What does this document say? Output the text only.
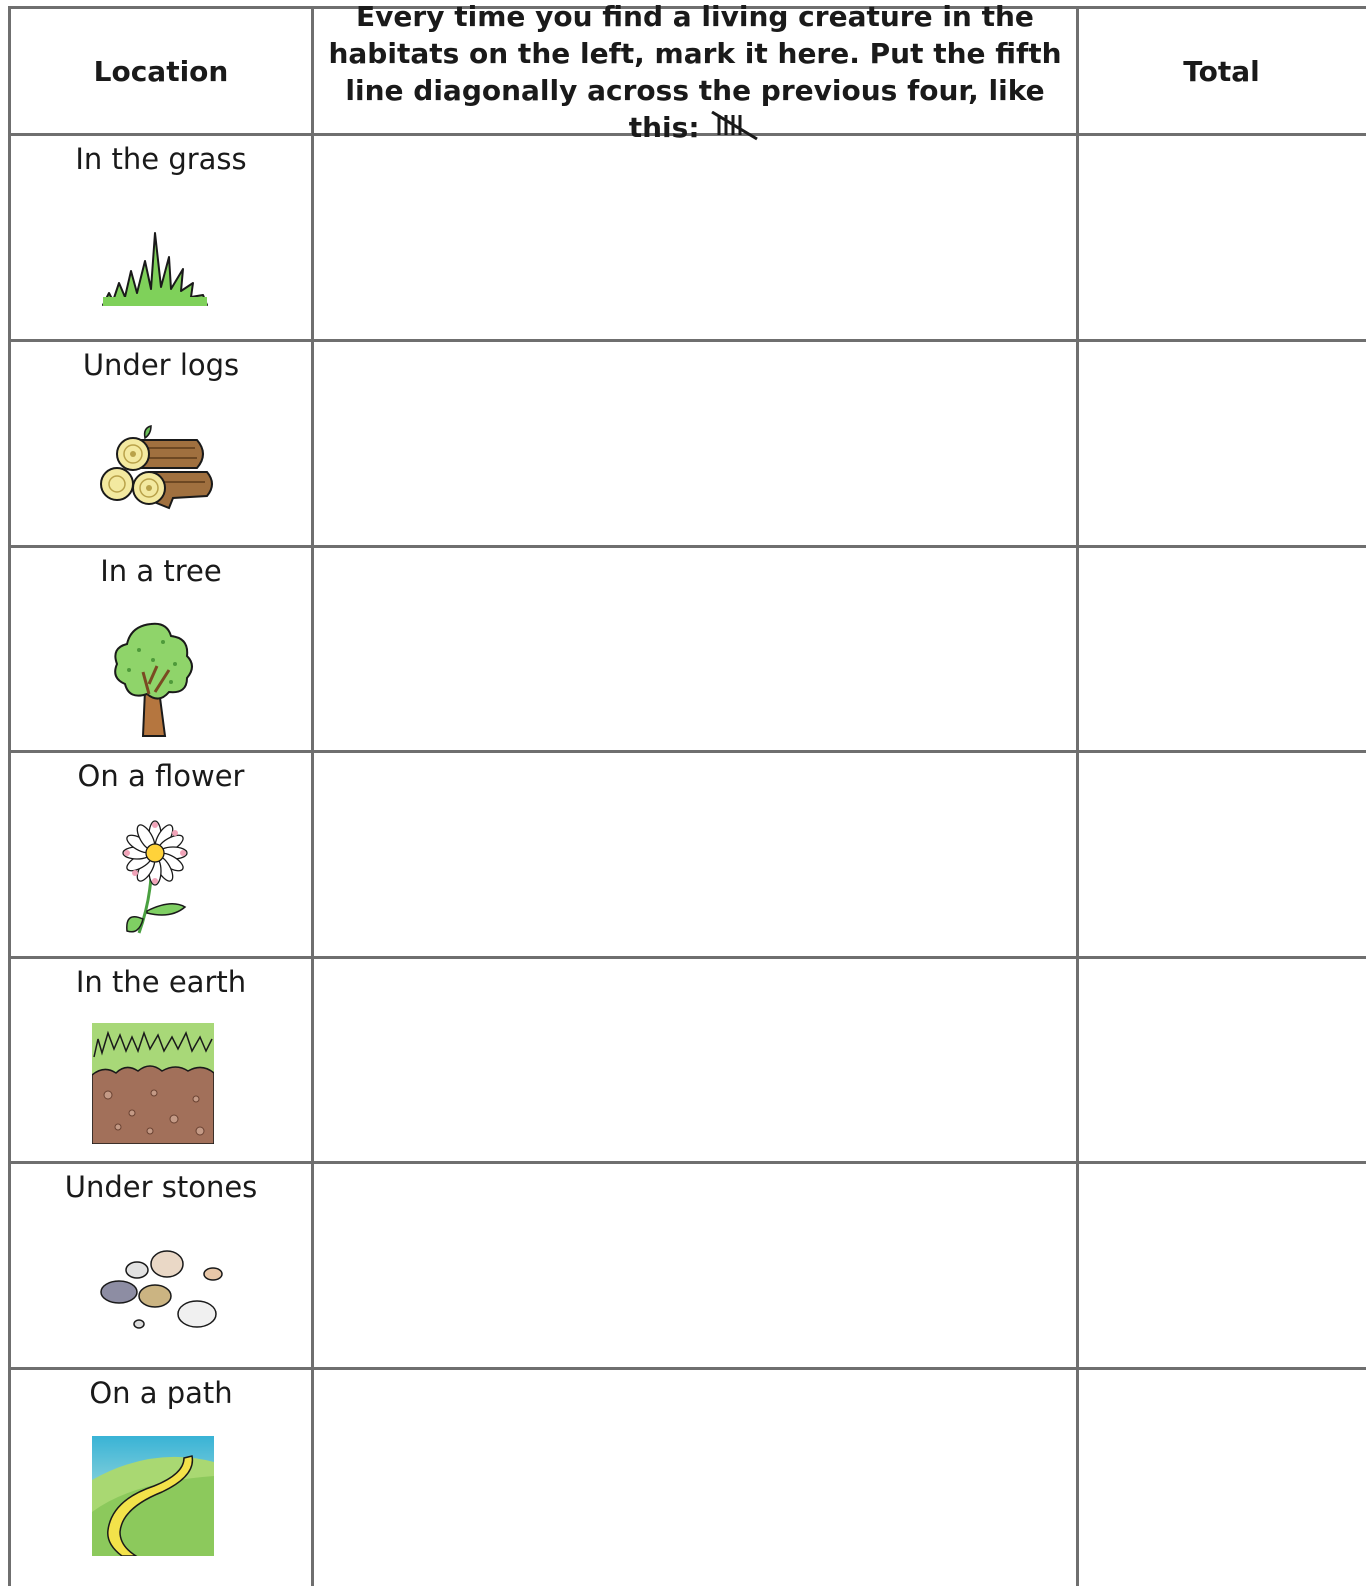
Location
Every time you find a living creature in the habitats on the left, mark it here. Put the fifth line diagonally across the previous four, like this:
Total
In the grass
Under logs
In a tree
On a flower
In the earth
Under stones
On a path
